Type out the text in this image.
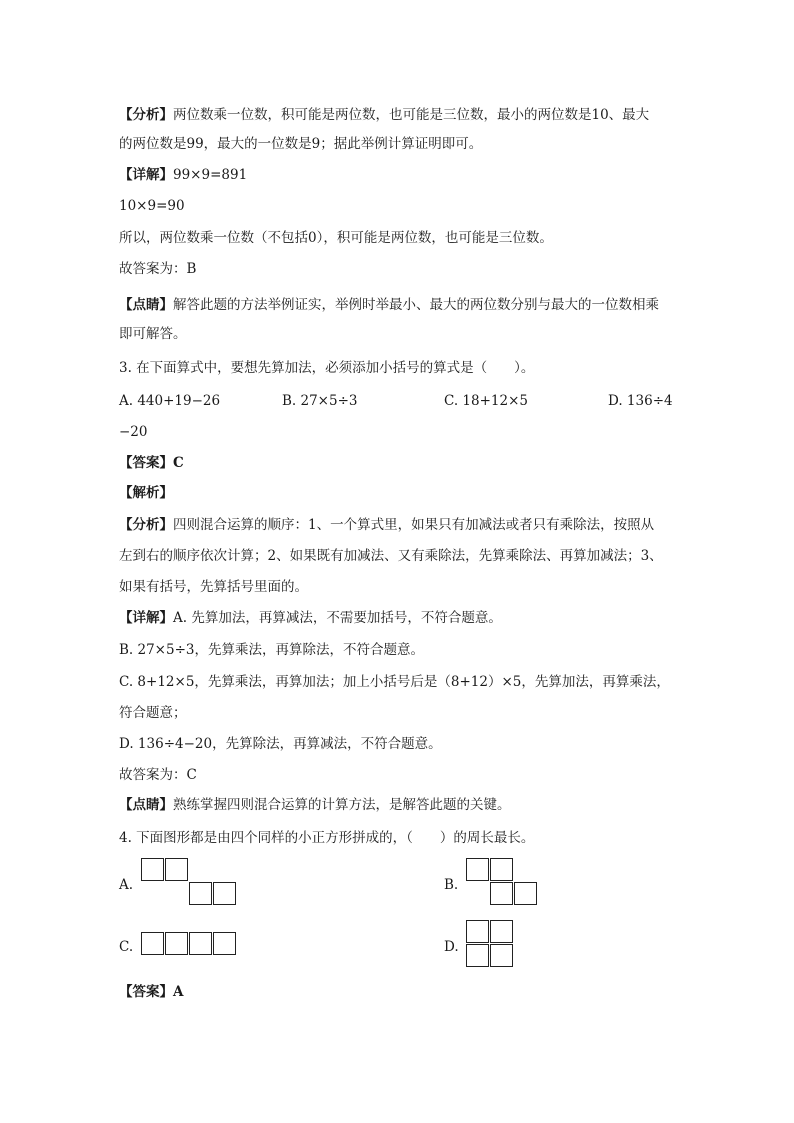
【分析】两位数乘一位数，积可能是两位数，也可能是三位数，最小的两位数是10、最大
的两位数是99，最大的一位数是9；据此举例计算证明即可。
【详解】99×9=891
10×9=90
所以，两位数乘一位数（不包括0），积可能是两位数，也可能是三位数。
故答案为：B
【点睛】解答此题的方法举例证实，举例时举最小、最大的两位数分别与最大的一位数相乘
即可解答。
3. 在下面算式中，要想先算加法，必须添加小括号的算式是（　　）。
A. 440+19−26	B. 27×5÷3	C. 18+12×5	D. 136÷4
−20
【答案】C
【解析】
【分析】四则混合运算的顺序：1、一个算式里，如果只有加减法或者只有乘除法，按照从
左到右的顺序依次计算；2、如果既有加减法、又有乘除法，先算乘除法、再算加减法；3、
如果有括号，先算括号里面的。
【详解】A. 先算加法，再算减法，不需要加括号，不符合题意。
B. 27×5÷3，先算乘法，再算除法，不符合题意。
C. 8+12×5，先算乘法，再算加法；加上小括号后是（8+12）×5，先算加法，再算乘法，
符合题意；
D. 136÷4−20，先算除法，再算减法，不符合题意。
故答案为：C
【点睛】熟练掌握四则混合运算的计算方法，是解答此题的关键。
4. 下面图形都是由四个同样的小正方形拼成的，（　　）的周长最长。
A.	B.
C.	D.
【答案】A
